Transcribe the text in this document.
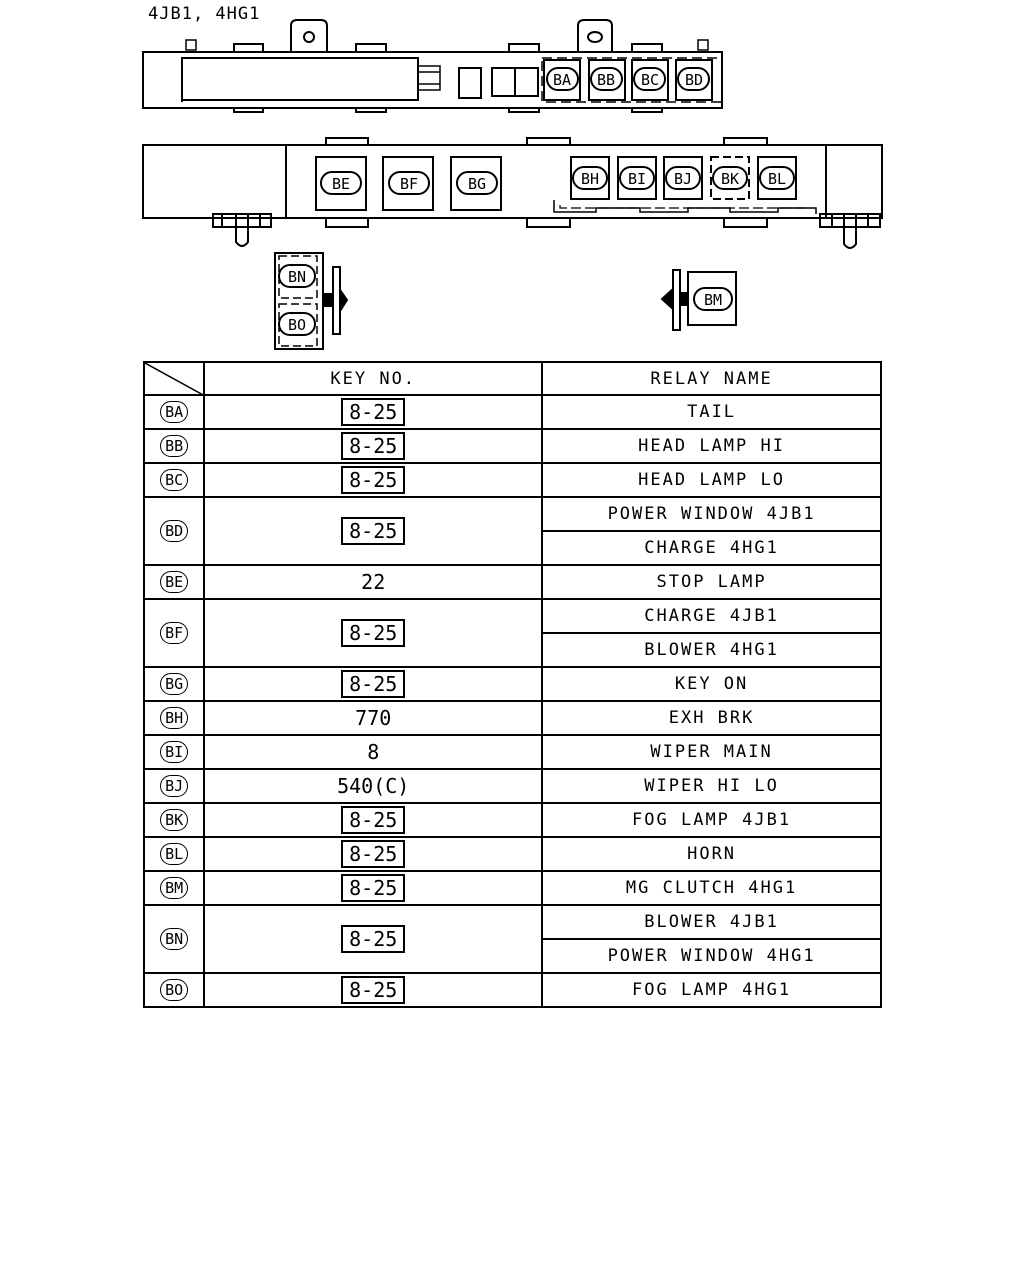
4JB1, 4HG1
BA BB BC BD
BE	BF	BG	BH BI BJ BK BL
BN
BO
BM
	KEY NO.	RELAY NAME
BA	8-25	TAIL
BB	8-25	HEAD LAMP HI
BC	8-25	HEAD LAMP LO
BD	8-25	POWER WINDOW 4JB1
		CHARGE 4HG1
BE	22	STOP LAMP
BF	8-25	CHARGE 4JB1
		BLOWER 4HG1
BG	8-25	KEY ON
BH	770	EXH BRK
BI	8	WIPER MAIN
BJ	540(C)	WIPER HI LO
BK	8-25	FOG LAMP 4JB1
BL	8-25	HORN
BM	8-25	MG CLUTCH 4HG1
BN	8-25	BLOWER 4JB1
		POWER WINDOW 4HG1
BO	8-25	FOG LAMP 4HG1
